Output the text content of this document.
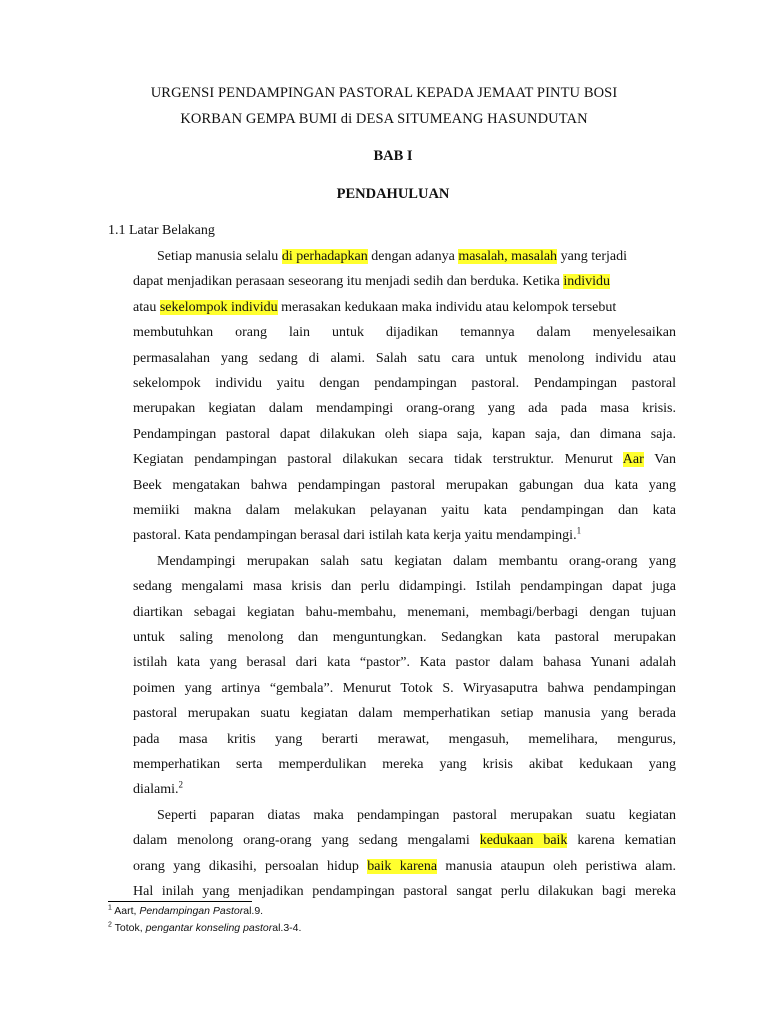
URGENSI PENDAMPINGAN PASTORAL KEPADA JEMAAT PINTU BOSI
KORBAN GEMPA BUMI di DESA SITUMEANG HASUNDUTAN
BAB I
PENDAHULUAN
1.1 Latar Belakang
Setiap manusia selalu di perhadapkan dengan adanya masalah, masalah yang terjadi
dapat menjadikan perasaan seseorang itu menjadi sedih dan berduka. Ketika individu
atau sekelompok individu merasakan kedukaan maka individu atau kelompok tersebut
membutuhkan orang lain untuk dijadikan temannya dalam menyelesaikan
permasalahan yang sedang di alami. Salah satu cara untuk menolong individu atau
sekelompok individu yaitu dengan pendampingan pastoral. Pendampingan pastoral
merupakan kegiatan dalam mendampingi orang-orang yang ada pada masa krisis.
Pendampingan pastoral dapat dilakukan oleh siapa saja, kapan saja, dan dimana saja.
Kegiatan pendampingan pastoral dilakukan secara tidak terstruktur. Menurut Aar Van
Beek mengatakan bahwa pendampingan pastoral merupakan gabungan dua kata yang
memiiki makna dalam melakukan pelayanan yaitu kata pendampingan dan kata
pastoral. Kata pendampingan berasal dari istilah kata kerja yaitu mendampingi.$^1$
Mendampingi merupakan salah satu kegiatan dalam membantu orang-orang yang
sedang mengalami masa krisis dan perlu didampingi. Istilah pendampingan dapat juga
diartikan sebagai kegiatan bahu-membahu, menemani, membagi/berbagi dengan tujuan
untuk saling menolong dan menguntungkan. Sedangkan kata pastoral merupakan
istilah kata yang berasal dari kata “pastor”. Kata pastor dalam bahasa Yunani adalah
poimen yang artinya “gembala”. Menurut Totok S. Wiryasaputra bahwa pendampingan
pastoral merupakan suatu kegiatan dalam memperhatikan setiap manusia yang berada
pada masa kritis yang berarti merawat, mengasuh, memelihara, mengurus,
memperhatikan serta memperdulikan mereka yang krisis akibat kedukaan yang
dialami.$^2$
Seperti paparan diatas maka pendampingan pastoral merupakan suatu kegiatan
dalam menolong orang-orang yang sedang mengalami kedukaan baik karena kematian
orang yang dikasihi, persoalan hidup baik karena manusia ataupun oleh peristiwa alam.
Hal inilah yang menjadikan pendampingan pastoral sangat perlu dilakukan bagi mereka
$^1$ Aart, Pendampingan Pastoral.9.
$^2$ Totok, pengantar konseling pastoral.3-4.
